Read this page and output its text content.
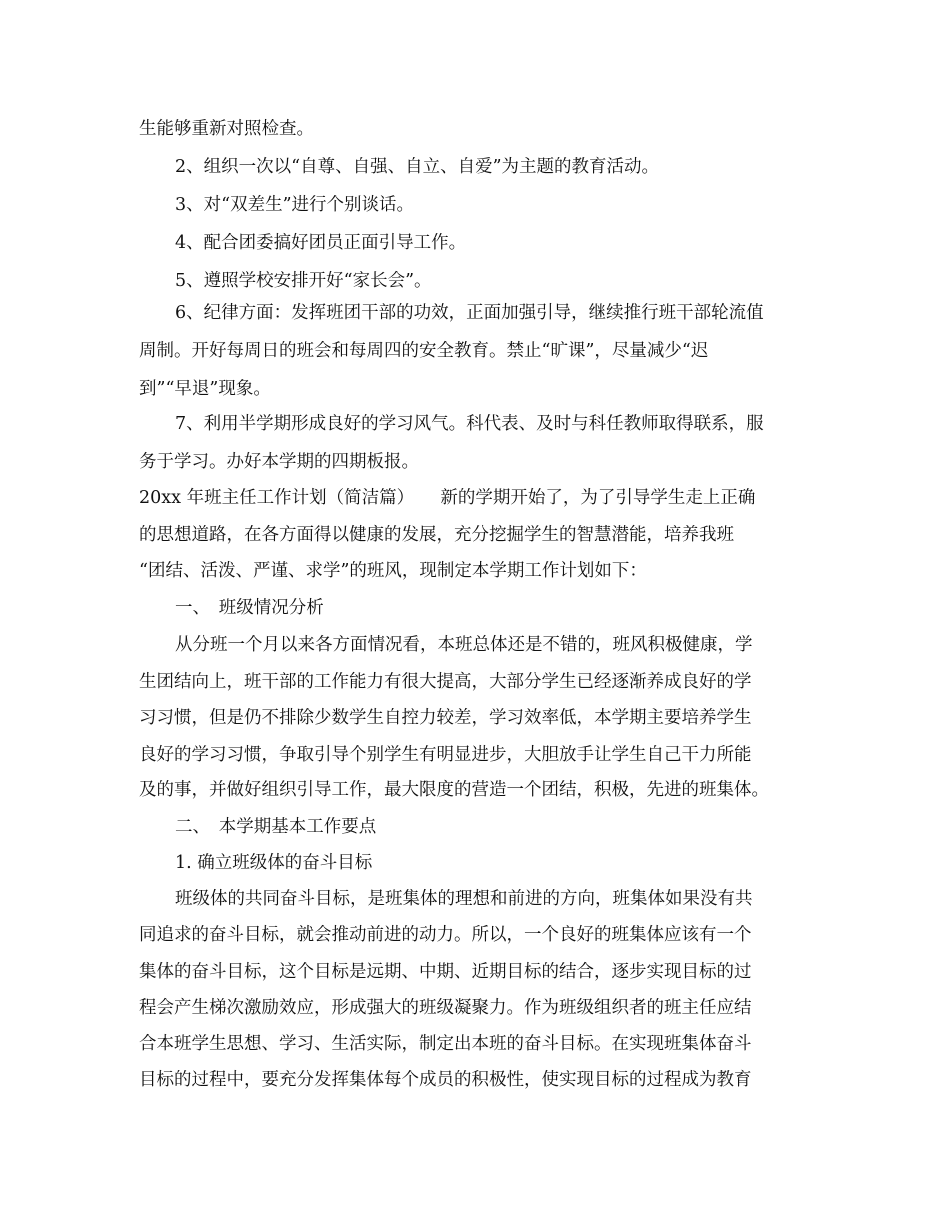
生能够重新对照检查。
2、组织一次以“自尊、自强、自立、自爱”为主题的教育活动。
3、对“双差生”进行个别谈话。
4、配合团委搞好团员正面引导工作。
5、遵照学校安排开好“家长会”。
6、纪律方面：发挥班团干部的功效，正面加强引导，继续推行班干部轮流值
周制。开好每周日的班会和每周四的安全教育。禁止“旷课”，尽量减少“迟
到”“早退”现象。
7、利用半学期形成良好的学习风气。科代表、及时与科任教师取得联系，服
务于学习。办好本学期的四期板报。
20xx 年班主任工作计划（简洁篇）　　新的学期开始了，为了引导学生走上正确
的思想道路，在各方面得以健康的发展，充分挖掘学生的智慧潜能，培养我班
“团结、活泼、严谨、求学”的班风，现制定本学期工作计划如下：
一、　班级情况分析
从分班一个月以来各方面情况看，本班总体还是不错的，班风积极健康，学
生团结向上，班干部的工作能力有很大提高，大部分学生已经逐渐养成良好的学
习习惯，但是仍不排除少数学生自控力较差，学习效率低，本学期主要培养学生
良好的学习习惯，争取引导个别学生有明显进步，大胆放手让学生自己干力所能
及的事，并做好组织引导工作，最大限度的营造一个团结，积极，先进的班集体。
二、　本学期基本工作要点
1. 确立班级体的奋斗目标
班级体的共同奋斗目标，是班集体的理想和前进的方向，班集体如果没有共
同追求的奋斗目标，就会推动前进的动力。所以，一个良好的班集体应该有一个
集体的奋斗目标，这个目标是远期、中期、近期目标的结合，逐步实现目标的过
程会产生梯次激励效应，形成强大的班级凝聚力。作为班级组织者的班主任应结
合本班学生思想、学习、生活实际，制定出本班的奋斗目标。在实现班集体奋斗
目标的过程中，要充分发挥集体每个成员的积极性，使实现目标的过程成为教育
